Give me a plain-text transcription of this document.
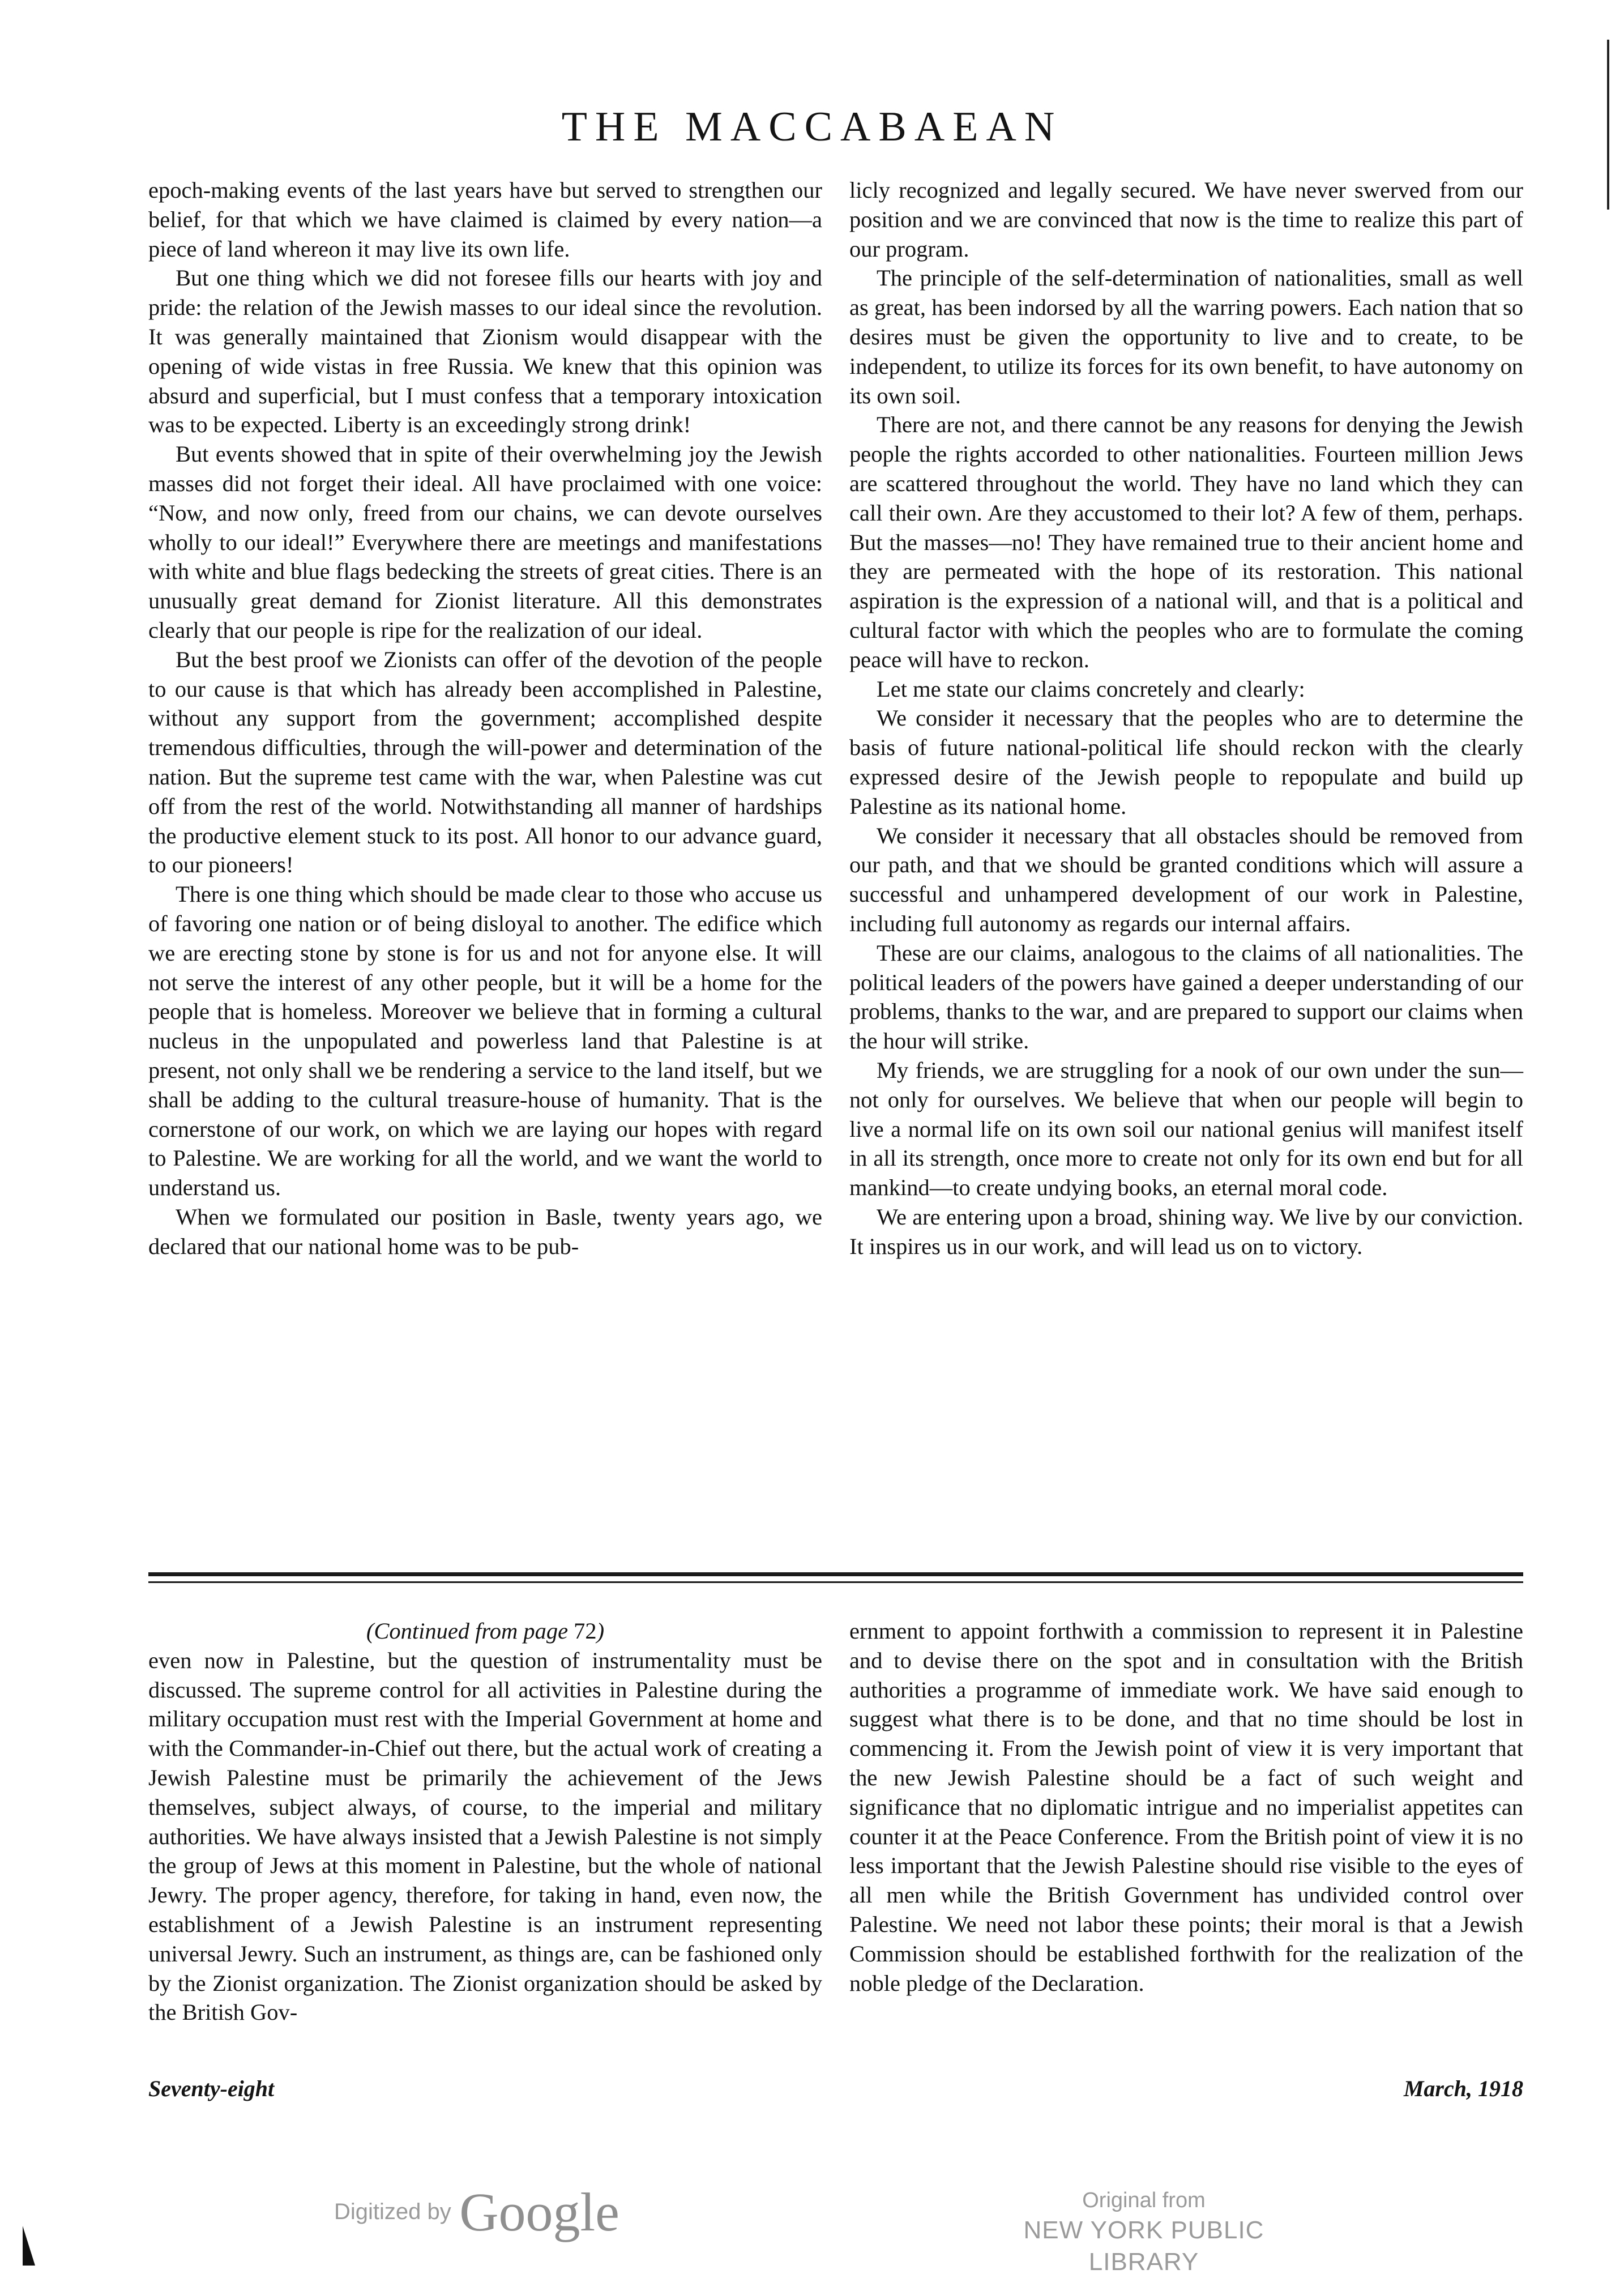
THE MACCABAEAN

epoch-making events of the last years have but served to strengthen our belief, for that which we have claimed is claimed by every nation—a piece of land whereon it may live its own life.

But one thing which we did not foresee fills our hearts with joy and pride: the relation of the Jewish masses to our ideal since the revolution. It was generally maintained that Zionism would disappear with the opening of wide vistas in free Russia. We knew that this opinion was absurd and superficial, but I must confess that a temporary intoxication was to be expected. Liberty is an exceedingly strong drink!

But events showed that in spite of their overwhelming joy the Jewish masses did not forget their ideal. All have proclaimed with one voice: “Now, and now only, freed from our chains, we can devote ourselves wholly to our ideal!” Everywhere there are meetings and manifestations with white and blue flags bedecking the streets of great cities. There is an unusually great demand for Zionist literature. All this demonstrates clearly that our people is ripe for the realization of our ideal.

But the best proof we Zionists can offer of the devotion of the people to our cause is that which has already been accomplished in Palestine, without any support from the government; accomplished despite tremendous difficulties, through the will-power and determination of the nation. But the supreme test came with the war, when Palestine was cut off from the rest of the world. Notwithstanding all manner of hardships the productive element stuck to its post. All honor to our advance guard, to our pioneers!

There is one thing which should be made clear to those who accuse us of favoring one nation or of being disloyal to another. The edifice which we are erecting stone by stone is for us and not for anyone else. It will not serve the interest of any other people, but it will be a home for the people that is homeless. Moreover we believe that in forming a cultural nucleus in the unpopulated and powerless land that Palestine is at present, not only shall we be rendering a service to the land itself, but we shall be adding to the cultural treasure-house of humanity. That is the cornerstone of our work, on which we are laying our hopes with regard to Palestine. We are working for all the world, and we want the world to understand us.

When we formulated our position in Basle, twenty years ago, we declared that our national home was to be pub-

licly recognized and legally secured. We have never swerved from our position and we are convinced that now is the time to realize this part of our program.

The principle of the self-determination of nationalities, small as well as great, has been indorsed by all the warring powers. Each nation that so desires must be given the opportunity to live and to create, to be independent, to utilize its forces for its own benefit, to have autonomy on its own soil.

There are not, and there cannot be any reasons for denying the Jewish people the rights accorded to other nationalities. Fourteen million Jews are scattered throughout the world. They have no land which they can call their own. Are they accustomed to their lot? A few of them, perhaps. But the masses—no! They have remained true to their ancient home and they are permeated with the hope of its restoration. This national aspiration is the expression of a national will, and that is a political and cultural factor with which the peoples who are to formulate the coming peace will have to reckon.

Let me state our claims concretely and clearly:

We consider it necessary that the peoples who are to determine the basis of future national-political life should reckon with the clearly expressed desire of the Jewish people to repopulate and build up Palestine as its national home.

We consider it necessary that all obstacles should be removed from our path, and that we should be granted conditions which will assure a successful and unhampered development of our work in Palestine, including full autonomy as regards our internal affairs.

These are our claims, analogous to the claims of all nationalities. The political leaders of the powers have gained a deeper understanding of our problems, thanks to the war, and are prepared to support our claims when the hour will strike.

My friends, we are struggling for a nook of our own under the sun—not only for ourselves. We believe that when our people will begin to live a normal life on its own soil our national genius will manifest itself in all its strength, once more to create not only for its own end but for all mankind—to create undying books, an eternal moral code.

We are entering upon a broad, shining way. We live by our conviction. It inspires us in our work, and will lead us on to victory.

(Continued from page 72)

even now in Palestine, but the question of instrumentality must be discussed. The supreme control for all activities in Palestine during the military occupation must rest with the Imperial Government at home and with the Commander-in-Chief out there, but the actual work of creating a Jewish Palestine must be primarily the achievement of the Jews themselves, subject always, of course, to the imperial and military authorities. We have always insisted that a Jewish Palestine is not simply the group of Jews at this moment in Palestine, but the whole of national Jewry. The proper agency, therefore, for taking in hand, even now, the establishment of a Jewish Palestine is an instrument representing universal Jewry. Such an instrument, as things are, can be fashioned only by the Zionist organization. The Zionist organization should be asked by the British Gov-

ernment to appoint forthwith a commission to represent it in Palestine and to devise there on the spot and in consultation with the British authorities a programme of immediate work. We have said enough to suggest what there is to be done, and that no time should be lost in commencing it. From the Jewish point of view it is very important that the new Jewish Palestine should be a fact of such weight and significance that no diplomatic intrigue and no imperialist appetites can counter it at the Peace Conference. From the British point of view it is no less important that the Jewish Palestine should rise visible to the eyes of all men while the British Government has undivided control over Palestine. We need not labor these points; their moral is that a Jewish Commission should be established forthwith for the realization of the noble pledge of the Declaration.

Seventy-eight	March, 1918
Digitized by Google	Original from
NEW YORK PUBLIC LIBRARY
